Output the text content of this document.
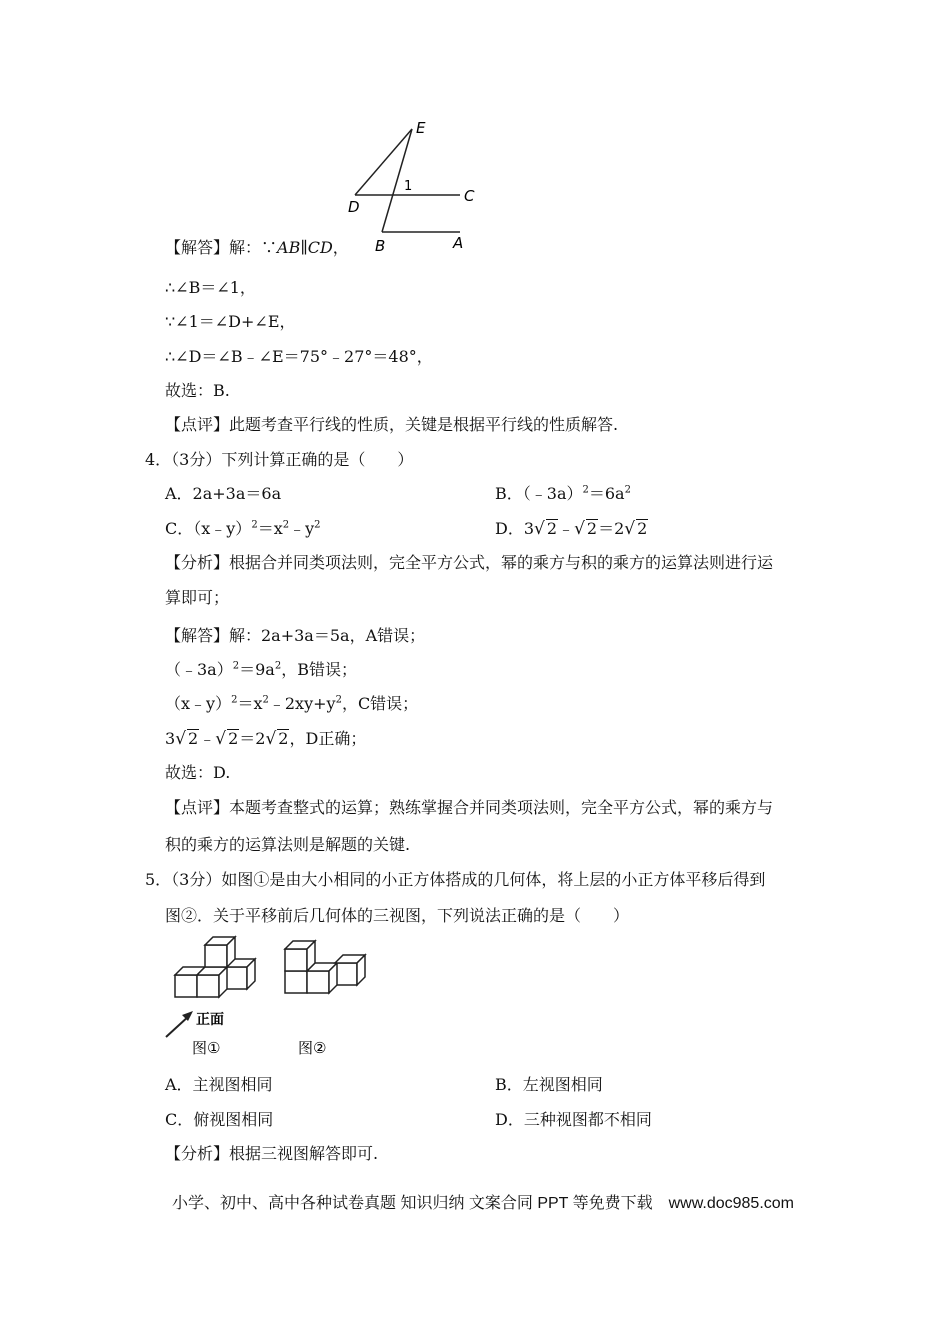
E
D
C
B	A
1
【解答】解：∵AB∥CD，
∴∠B＝∠1，
∵∠1＝∠D+∠E，
∴∠D＝∠B﹣∠E＝75°﹣27°＝48°，
故选：B.
【点评】此题考查平行线的性质，关键是根据平行线的性质解答.
4．（3分）下列计算正确的是（　　）
A．2a+3a＝6a	B．$(﹣3a)^2=6a^2$
C．$(x﹣y)^2=x^2﹣y^2$	D．3√ 2﹣√ 2＝2√ 2
【分析】根据合并同类项法则，完全平方公式，幂的乘方与积的乘方的运算法则进行运
算即可；
【解答】解：2a+3a＝5a，A错误；
$(﹣3a)^2=9a^2$，B错误；
$(x﹣y)^2=x^2﹣2xy+y^2$，C错误；
3√ 2﹣√ 2＝2√ 2，D正确；
故选：D.
【点评】本题考查整式的运算；熟练掌握合并同类项法则，完全平方公式，幂的乘方与
积的乘方的运算法则是解题的关键.
5．（3分）如图①是由大小相同的小正方体搭成的几何体，将上层的小正方体平移后得到
图②．关于平移前后几何体的三视图，下列说法正确的是（　　）
正面
图①	图②
A．主视图相同	B．左视图相同
C．俯视图相同	D．三种视图都不相同
【分析】根据三视图解答即可.
小学、初中、高中各种试卷真题 知识归纳 文案合同 PPT 等免费下载　www.doc985.com
